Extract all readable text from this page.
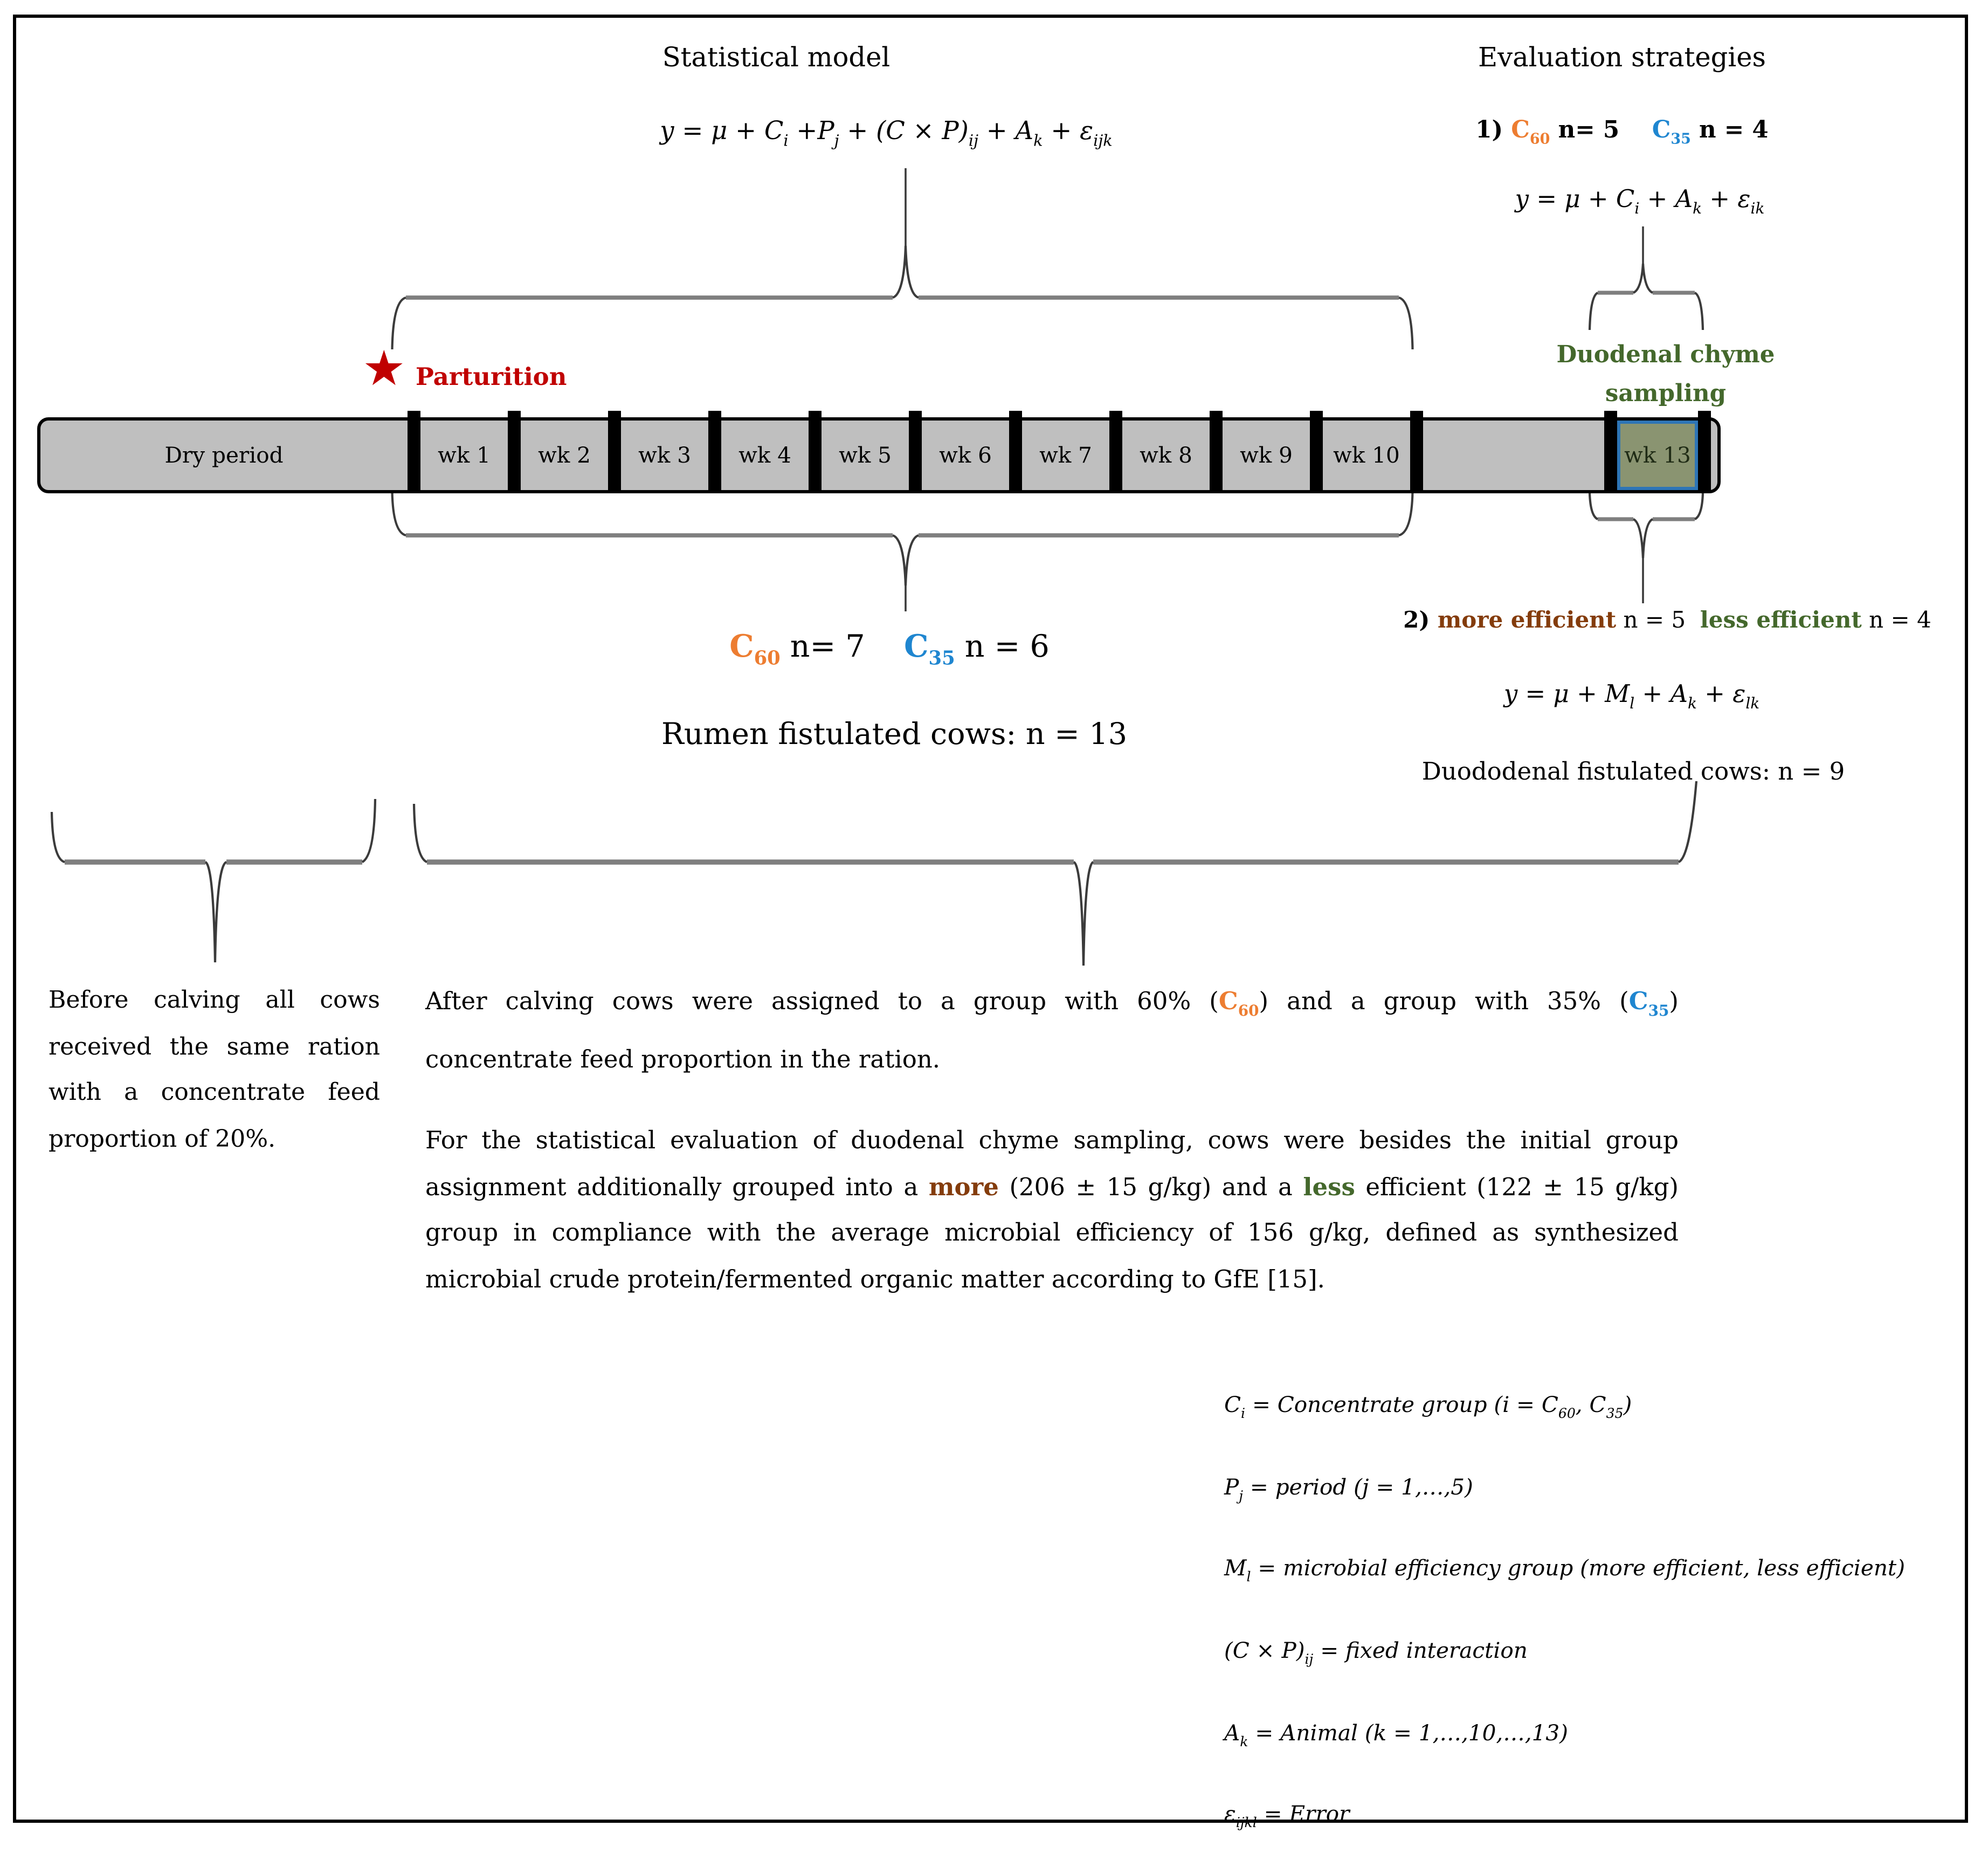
Statistical model
$y = \mu + C_i +P_j + (C \times P)_{ij} + A_k + \varepsilon_{ijk}$
Evaluation strategies
1) $C_{60}$ n= 5    $C_{35}$ n = 4
$y = \mu + C_i + A_k + \varepsilon_{ik}$
★ Parturition
Duodenal chyme
sampling
Dry period	wk 1	wk 2	wk 3	wk 4	wk 5	wk 6	wk 7	wk 8	wk 9	wk 10	wk 13
$C_{60}$ n= 7    $C_{35}$ n = 6
Rumen fistulated cows: n = 13
2) more efficient n = 5  less efficient n = 4
$y = \mu + M_l + A_k + \varepsilon_{lk}$
Duododenal fistulated cows: n = 9
Before calving all cows
received the same ration
with a concentrate feed
proportion of 20%.
After calving cows were assigned to a group with 60% $(C_{60})$ and a group with 35% $(C_{35})$
concentrate feed proportion in the ration.
For the statistical evaluation of duodenal chyme sampling, cows were besides the initial group
assignment additionally grouped into a more (206 ± 15 g/kg) and a less efficient (122 ± 15 g/kg)
group in compliance with the average microbial efficiency of 156 g/kg, defined as synthesized
microbial crude protein/fermented organic matter according to GfE [15].
$C_i$ = Concentrate group ($i = C_{60}$, $C_{35}$)
$P_j$ = period (j = 1,…,5)
$M_l$ = microbial efficiency group (more efficient, less efficient)
$(C \times P)_{ij}$ = fixed interaction
$A_k$ = Animal (k = 1,…,10,…,13)
$\varepsilon_{ijkl}$ = Error
